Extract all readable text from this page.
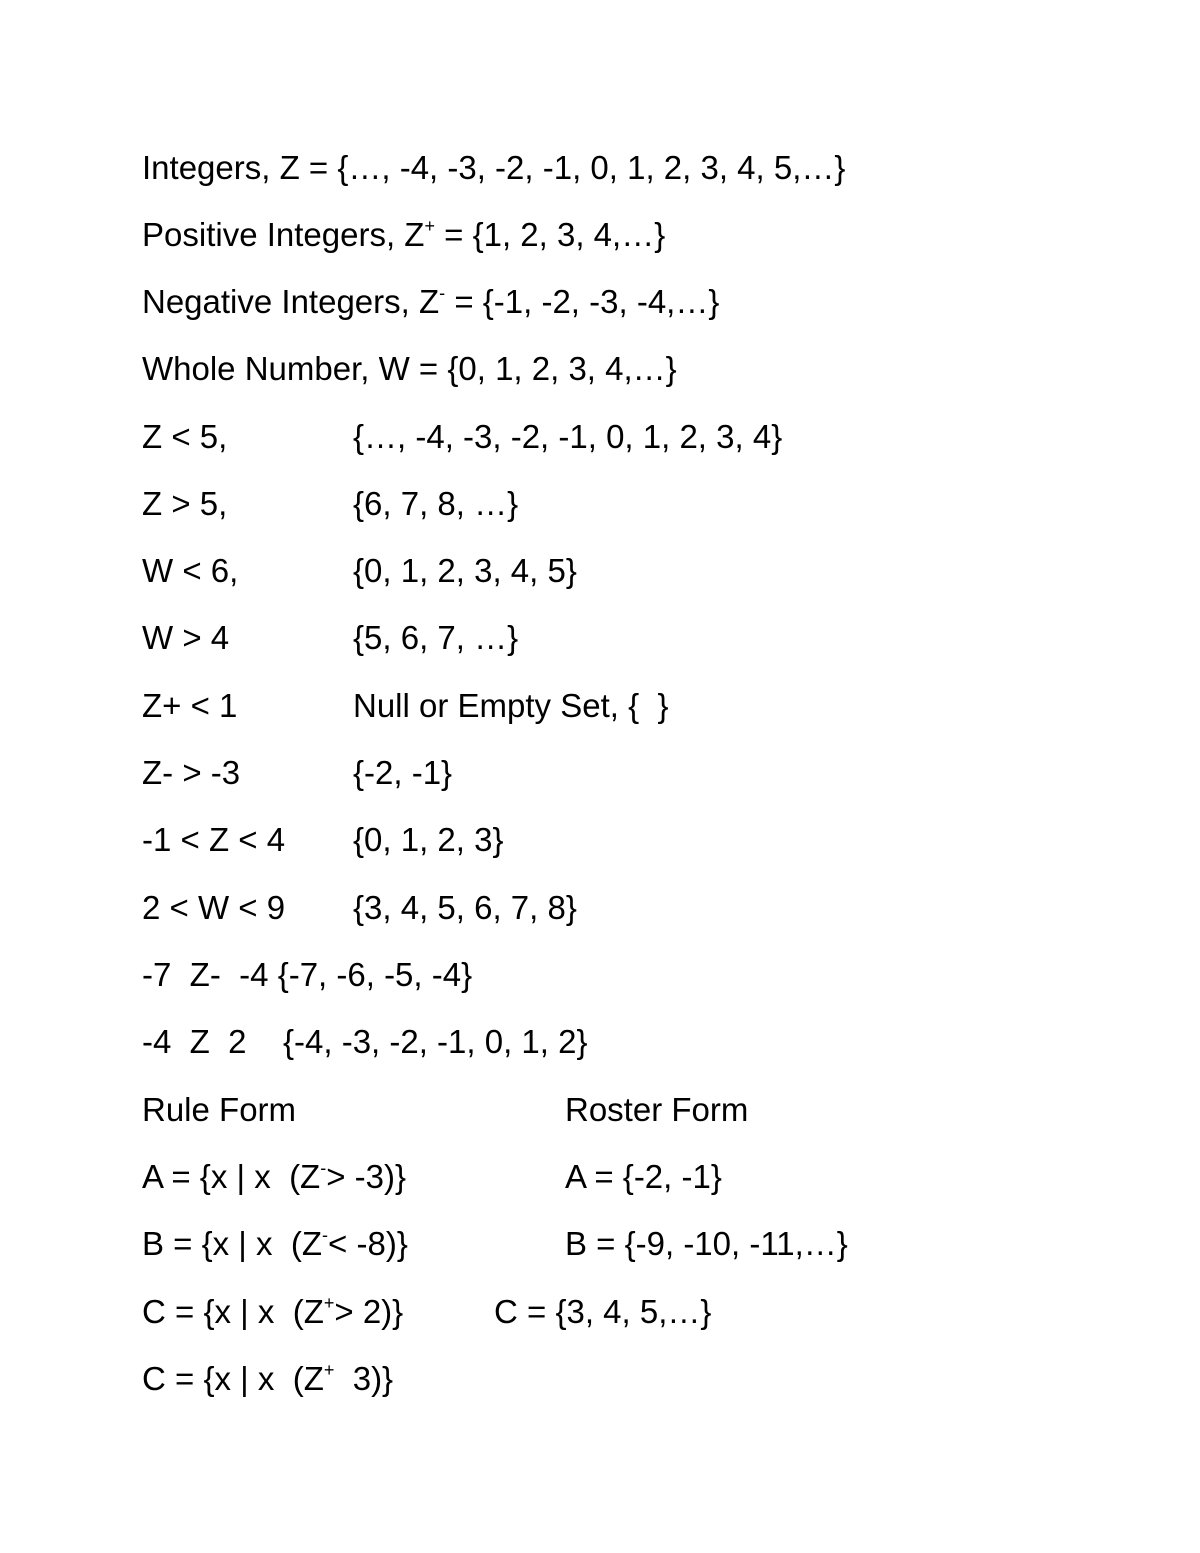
Integers, Z = {…, -4, -3, -2, -1, 0, 1, 2, 3, 4, 5,…}
Positive Integers, Z+ = {1, 2, 3, 4,…}
Negative Integers, Z- = {-1, -2, -3, -4,…}
Whole Number, W = {0, 1, 2, 3, 4,…}
Z < 5,	{…, -4, -3, -2, -1, 0, 1, 2, 3, 4}
Z > 5,	{6, 7, 8, …}
W < 6,	{0, 1, 2, 3, 4, 5}
W > 4	{5, 6, 7, …}
Z+ < 1	Null or Empty Set, {  }
Z- > -3	{-2, -1}
-1 < Z < 4 {0, 1, 2, 3}
2 < W < 9 {3, 4, 5, 6, 7, 8}
-7  Z-  -4 {-7, -6, -5, -4}
-4  Z  2 {-4, -3, -2, -1, 0, 1, 2}
Rule Form	Roster Form
A = {x | x  (Z-> -3)}	A = {-2, -1}
B = {x | x  (Z-< -8)}	B = {-9, -10, -11,…}
C = {x | x  (Z+> 2)}	C = {3, 4, 5,…}
C = {x | x  (Z+  3)}
